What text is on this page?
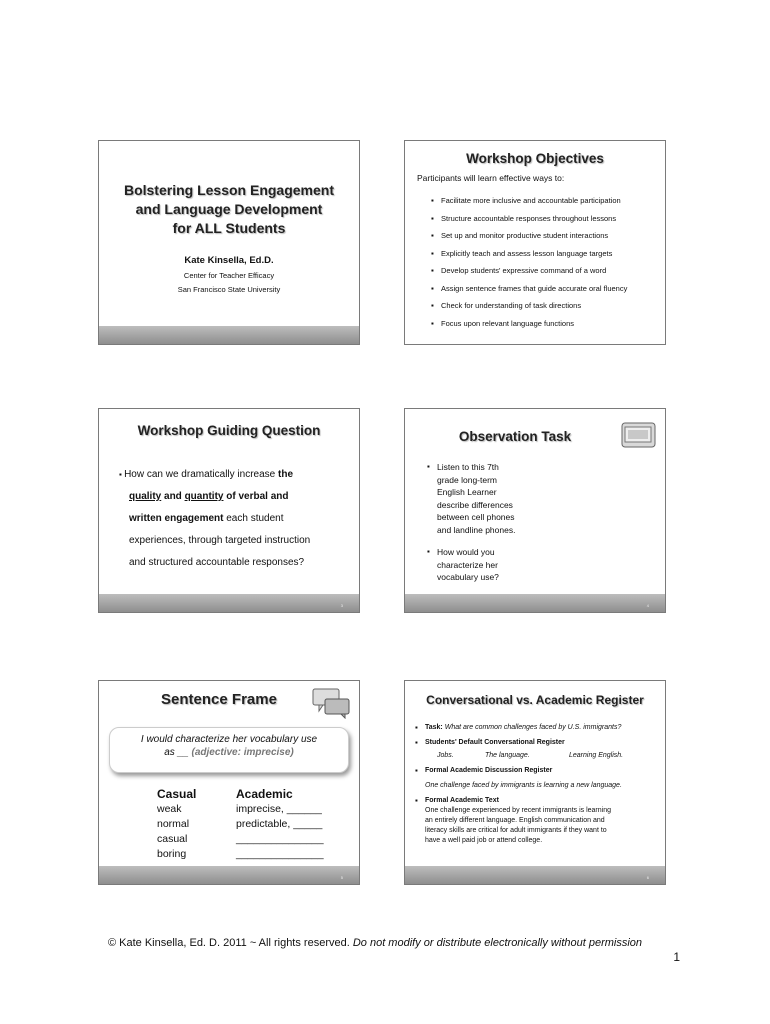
Bolstering Lesson Engagement
and Language Development
for ALL Students
Kate Kinsella, Ed.D.
Center for Teacher Efficacy
San Francisco State University
Workshop Objectives
Participants will learn effective ways to:
▪ Facilitate more inclusive and accountable participation
▪ Structure accountable responses throughout lessons
▪ Set up and monitor productive student interactions
▪ Explicitly teach and assess lesson language targets
▪ Develop students' expressive command of a word
▪ Assign sentence frames that guide accurate oral fluency
▪ Check for understanding of task directions
▪ Focus upon relevant language functions
Workshop Guiding Question
▪ How can we dramatically increase the
quality and quantity of verbal and
written engagement each student
experiences, through targeted instruction
and structured accountable responses?
3
Observation Task
▪ Listen to this 7th
grade long-term
English Learner
describe differences
between cell phones
and landline phones.
▪ How would you
characterize her
vocabulary use?
4
Sentence Frame
I would characterize her vocabulary use
as __ (adjective: imprecise)
Casual
weak
normal
casual
boring
Academic
imprecise, ______
predictable, _____
_______________
_______________
5
Conversational vs. Academic Register
▪ Task: What are common challenges faced by U.S. immigrants?
▪ Students' Default Conversational Register
Jobs.	The language.	Learning English.
▪ Formal Academic Discussion Register
One challenge faced by immigrants is learning a new language.
▪ Formal Academic Text
One challenge experienced by recent immigrants is learning
an entirely different language. English communication and
literacy skills are critical for adult immigrants if they want to
have a well paid job or attend college.
6
© Kate Kinsella, Ed. D. 2011 ~ All rights reserved. Do not modify or distribute electronically without permission
1
